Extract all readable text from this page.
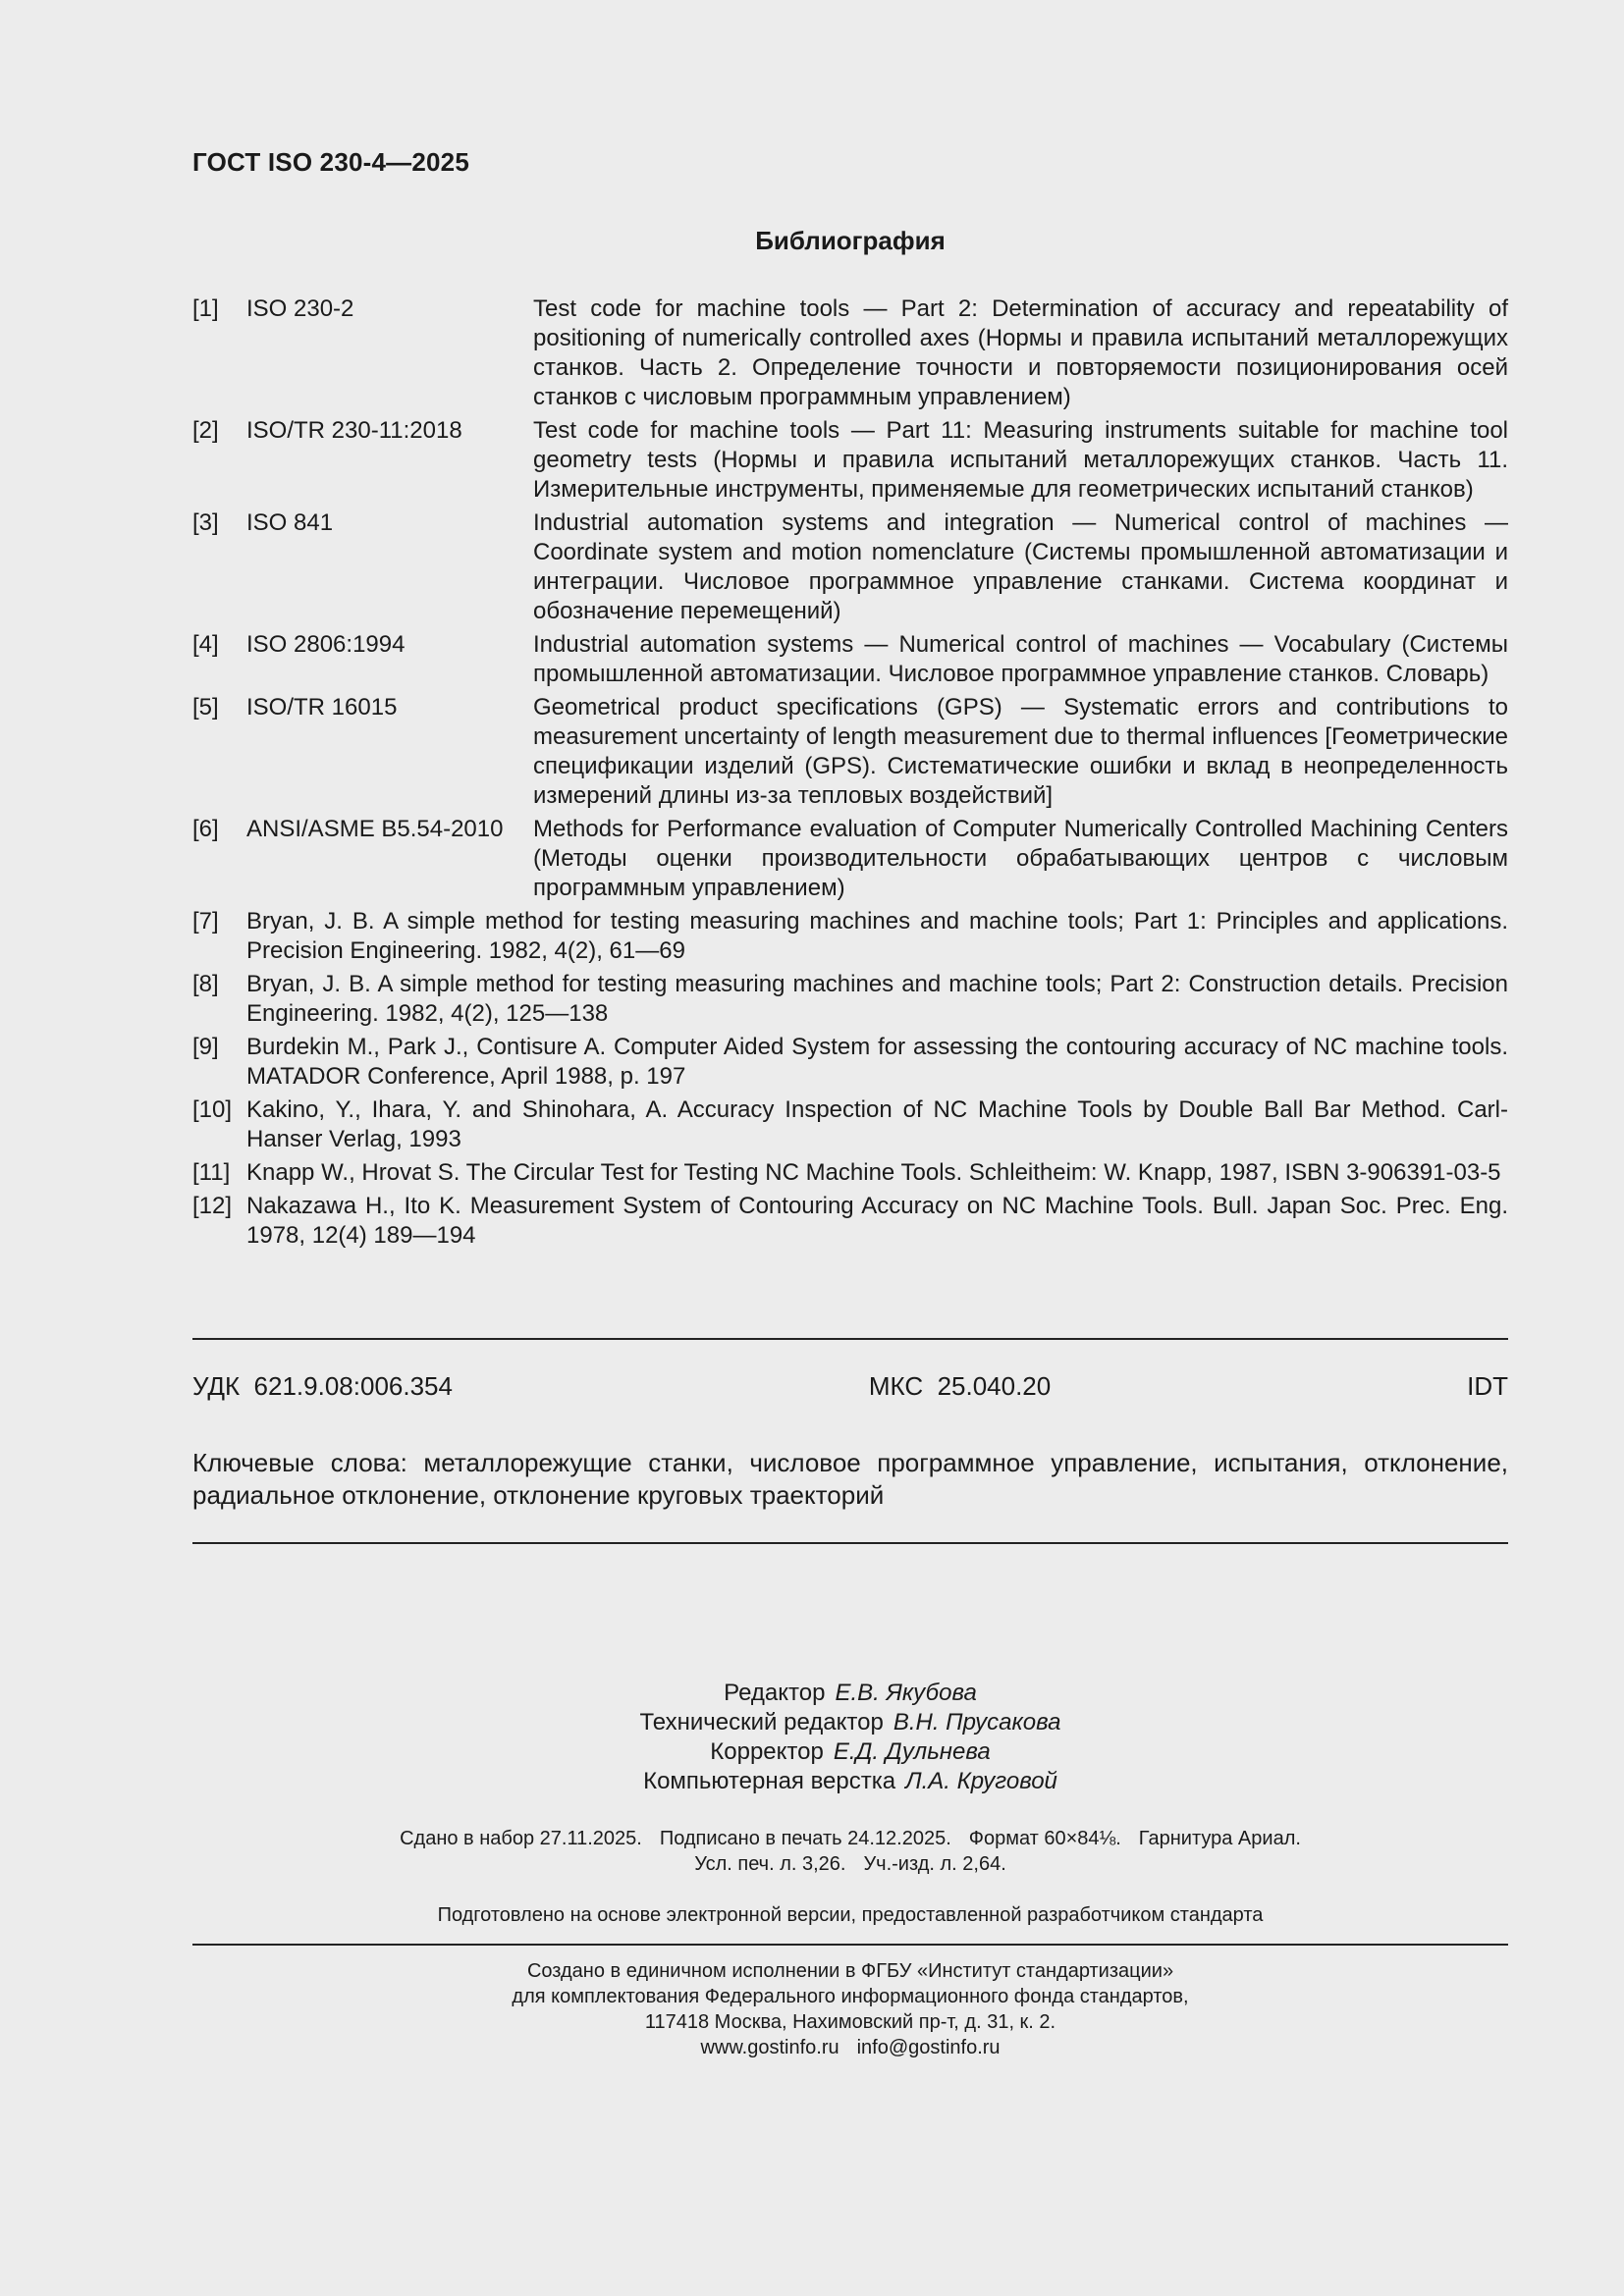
ГОСТ ISO 230-4—2025
Библиография
[1]	ISO 230-2	Test code for machine tools — Part 2: Determination of accuracy and repeatability of positioning of numerically controlled axes (Нормы и правила испытаний металлорежущих станков. Часть 2. Определение точности и повторяемости позиционирования осей станков с числовым программным управлением)
[2]	ISO/TR 230-11:2018	Test code for machine tools — Part 11: Measuring instruments suitable for machine tool geometry tests (Нормы и правила испытаний металлорежущих станков. Часть 11. Измерительные инструменты, применяемые для геометрических испытаний станков)
[3]	ISO 841	Industrial automation systems and integration — Numerical control of machines — Coordinate system and motion nomenclature (Системы промышленной автоматизации и интеграции. Числовое программное управление станками. Система координат и обозначение перемещений)
[4]	ISO 2806:1994	Industrial automation systems — Numerical control of machines — Vocabulary (Системы промышленной автоматизации. Числовое программное управление станков. Словарь)
[5]	ISO/TR 16015	Geometrical product specifications (GPS) — Systematic errors and contributions to measurement uncertainty of length measurement due to thermal influences [Геометрические спецификации изделий (GPS). Систематические ошибки и вклад в неопределенность измерений длины из-за тепловых воздействий]
[6]	ANSI/ASME B5.54-2010	Methods for Performance evaluation of Computer Numerically Controlled Machining Centers (Методы оценки производительности обрабатывающих центров с числовым программным управлением)
[7]	Bryan, J. B. A simple method for testing measuring machines and machine tools; Part 1: Principles and applications. Precision Engineering. 1982, 4(2), 61—69
[8]	Bryan, J. B. A simple method for testing measuring machines and machine tools; Part 2: Construction details. Precision Engineering. 1982, 4(2), 125—138
[9]	Burdekin M., Park J., Contisure A. Computer Aided System for assessing the contouring accuracy of NC machine tools. MATADOR Conference, April 1988, p. 197
[10] Kakino, Y., Ihara, Y. and Shinohara, A. Accuracy Inspection of NC Machine Tools by Double Ball Bar Method. Carl-Hanser Verlag, 1993
[11] Knapp W., Hrovat S. The Circular Test for Testing NC Machine Tools. Schleitheim: W. Knapp, 1987, ISBN 3-906391-03-5
[12] Nakazawa H., Ito K. Measurement System of Contouring Accuracy on NC Machine Tools. Bull. Japan Soc. Prec. Eng. 1978, 12(4) 189—194
УДК  621.9.08:006.354	МКС  25.040.20	IDT
Ключевые слова: металлорежущие станки, числовое программное управление, испытания, отклонение, радиальное отклонение, отклонение круговых траекторий
Редактор Е.В. Якубова
Технический редактор В.Н. Прусакова
Корректор Е.Д. Дульнева
Компьютерная верстка Л.А. Круговой
Сдано в набор 27.11.2025. Подписано в печать 24.12.2025. Формат 60×84⅛. Гарнитура Ариал.
Усл. печ. л. 3,26. Уч.-изд. л. 2,64.
Подготовлено на основе электронной версии, предоставленной разработчиком стандарта
Создано в единичном исполнении в ФГБУ «Институт стандартизации»
для комплектования Федерального информационного фонда стандартов,
117418 Москва, Нахимовский пр-т, д. 31, к. 2.
www.gostinfo.ru info@gostinfo.ru
